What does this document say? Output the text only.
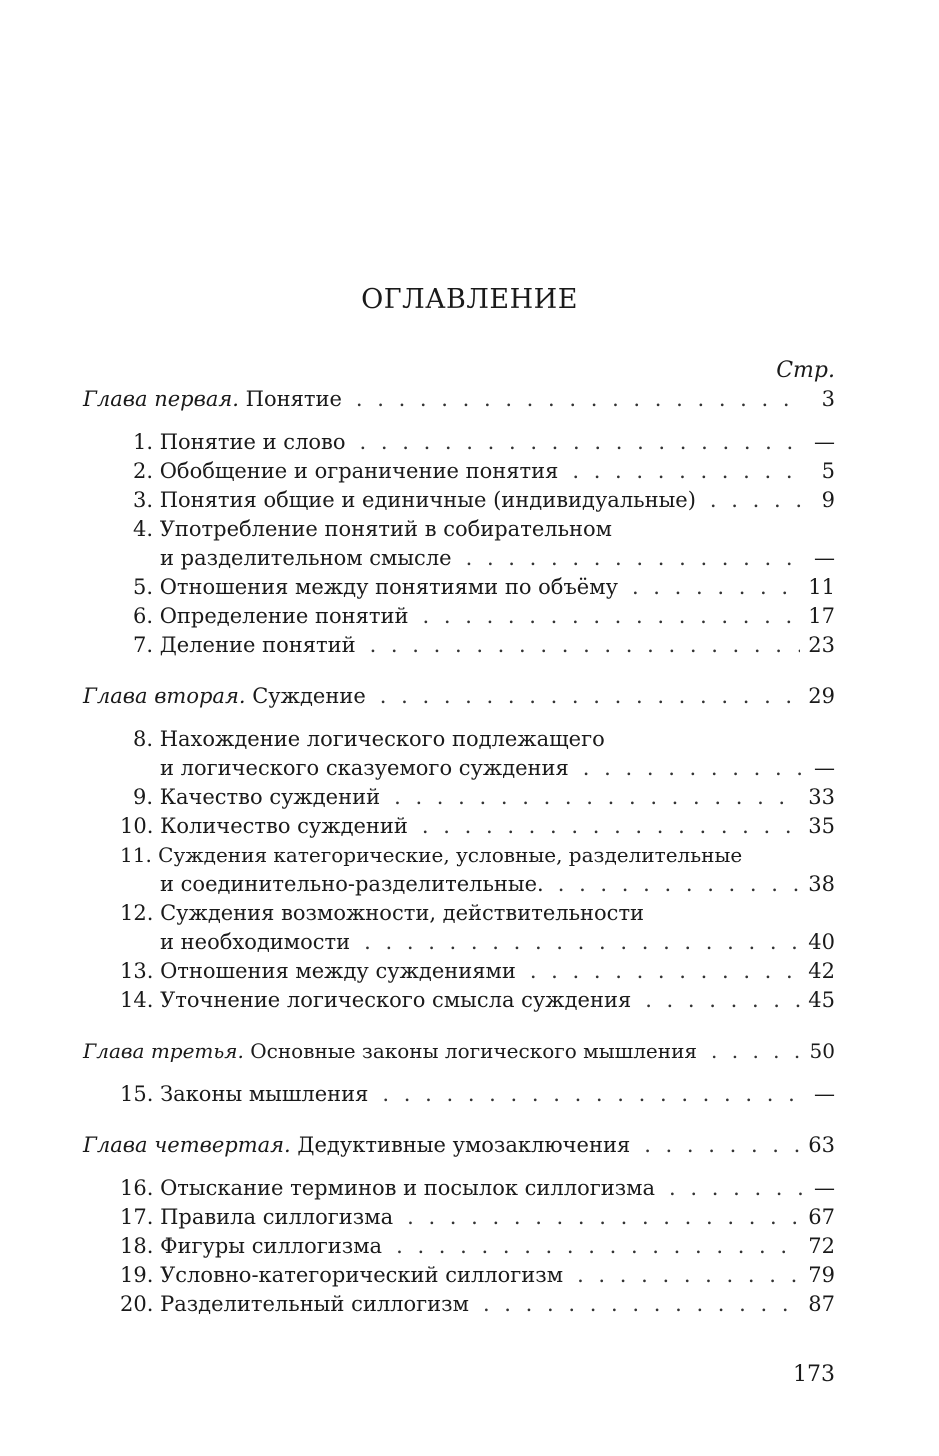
ОГЛАВЛЕНИЕ
Стр.
Глава первая. Понятие . . .	3
1. Понятие и слово . . .	—
2. Обобщение и ограничение понятия . . .	5
3. Понятия общие и единичные (индивидуальные) . . .	9
4. Употребление понятий в собирательном
и разделительном смысле . . .	—
5. Отношения между понятиями по объёму . . .	11
6. Определение понятий . . .	17
7. Деление понятий . . .	23
Глава вторая. Суждение . . .	29
8. Нахождение логического подлежащего
и логического сказуемого суждения . . .	—
9. Качество суждений . . .	33
10. Количество суждений . . .	35
11. Суждения категорические, условные, разделительные
и соединительно-разделительные. . . .	38
12. Суждения возможности, действительности
и необходимости . . .	40
13. Отношения между суждениями . . .	42
14. Уточнение логического смысла суждения . . .	45
Глава третья. Основные законы логического мышления . . .	50
15. Законы мышления . . .	—
Глава четвертая. Дедуктивные умозаключения . . .	63
16. Отыскание терминов и посылок силлогизма . . .	—
17. Правила силлогизма . . .	67
18. Фигуры силлогизма . . .	72
19. Условно-категорический силлогизм . . .	79
20. Разделительный силлогизм . . .	87
173
